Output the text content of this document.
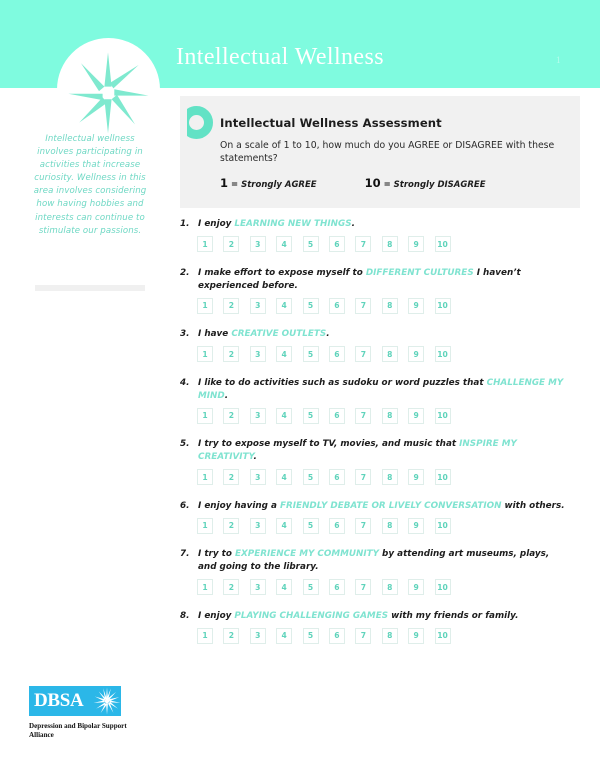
Intellectual Wellness	1
Intellectual wellness involves participating in activities that increase curiosity. Wellness in this area involves considering how having hobbies and interests can continue to stimulate our passions.
Intellectual Wellness Assessment
On a scale of 1 to 10, how much do you AGREE or DISAGREE with these statements?
1 = Strongly AGREE	10 = Strongly DISAGREE
1. I enjoy LEARNING NEW THINGS.
1	2	3	4	5	6	7	8	9	10
2. I make effort to expose myself to DIFFERENT CULTURES I haven’t experienced before.
1	2	3	4	5	6	7	8	9	10
3. I have CREATIVE OUTLETS.
1	2	3	4	5	6	7	8	9	10
4. I like to do activities such as sudoku or word puzzles that CHALLENGE MY MIND.
1	2	3	4	5	6	7	8	9	10
5. I try to expose myself to TV, movies, and music that INSPIRE MY CREATIVITY.
1	2	3	4	5	6	7	8	9	10
6. I enjoy having a FRIENDLY DEBATE OR LIVELY CONVERSATION with others.
1	2	3	4	5	6	7	8	9	10
7. I try to EXPERIENCE MY COMMUNITY by attending art museums, plays, and going to the library.
1	2	3	4	5	6	7	8	9	10
8. I enjoy PLAYING CHALLENGING GAMES with my friends or family.
1	2	3	4	5	6	7	8	9	10
DBSA
Depression and Bipolar Support Alliance
